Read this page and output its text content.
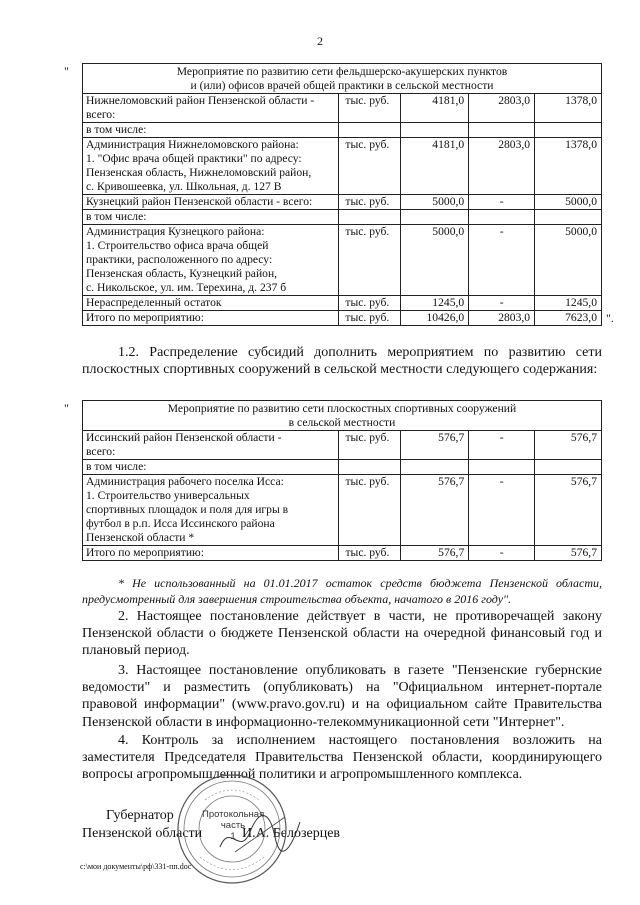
2
"	Мероприятие по развитию сети фельдшерско-акушерских пунктов
и (или) офисов врачей общей практики в сельской местности				

Нижнеломовский район Пензенской области -
всего:	тыс. руб.	4181,0	2803,0	1378,0

в том числе:				

Администрация Нижнеломовского района:
1. "Офис врача общей практики" по адресу:
Пензенская область, Нижнеломовский район,
с. Кривошеевка, ул. Школьная, д. 127 В	тыс. руб.	4181,0	2803,0	1378,0

Кузнецкий район Пензенской области - всего:	тыс. руб.	5000,0	-	5000,0

в том числе:				

Администрация Кузнецкого района:
1. Строительство офиса врача общей
практики, расположенного по адресу:
Пензенская область, Кузнецкий район,
с. Никольское, ул. им. Терехина, д. 237 б	тыс. руб.	5000,0	-	5000,0

Нераспределенный остаток	тыс. руб.	1245,0	-	1245,0

Итого по мероприятию:	тыс. руб.	10426,0	2803,0	7623,0 ".
1.2. Распределение субсидий дополнить мероприятием по развитию сети плоскостных спортивных сооружений в сельской местности следующего содержания:
"	Мероприятие по развитию сети плоскостных спортивных сооружений
в сельской местности				

Иссинский район Пензенской области -
всего:	тыс. руб.	576,7	-	576,7

в том числе:				

Администрация рабочего поселка Исса:
1. Строительство универсальных
спортивных площадок и поля для игры в
футбол в р.п. Исса Иссинского района
Пензенской области *	тыс. руб.	576,7	-	576,7

Итого по мероприятию:	тыс. руб.	576,7	-	576,7
* Не использованный на 01.01.2017 остаток средств бюджета Пензенской области, предусмотренный для завершения строительства объекта, начатого в 2016 году".
2. Настоящее постановление действует в части, не противоречащей закону Пензенской области о бюджете Пензенской области на очередной финансовый год и плановый период.
3. Настоящее постановление опубликовать в газете "Пензенские губернские ведомости" и разместить (опубликовать) на "Официальном интернет-портале правовой информации" (www.pravo.gov.ru) и на официальном сайте Правительства Пензенской области в информационно-телекоммуникационной сети "Интернет".
4. Контроль за исполнением настоящего постановления возложить на заместителя Председателя Правительства Пензенской области, координирующего вопросы агропромышленной политики и агропромышленного комплекса.
Губернатор
Пензенской области	И.А. Белозерцев
Протокольная
часть
1
c:\мои документы\рф\331-пп.doc
